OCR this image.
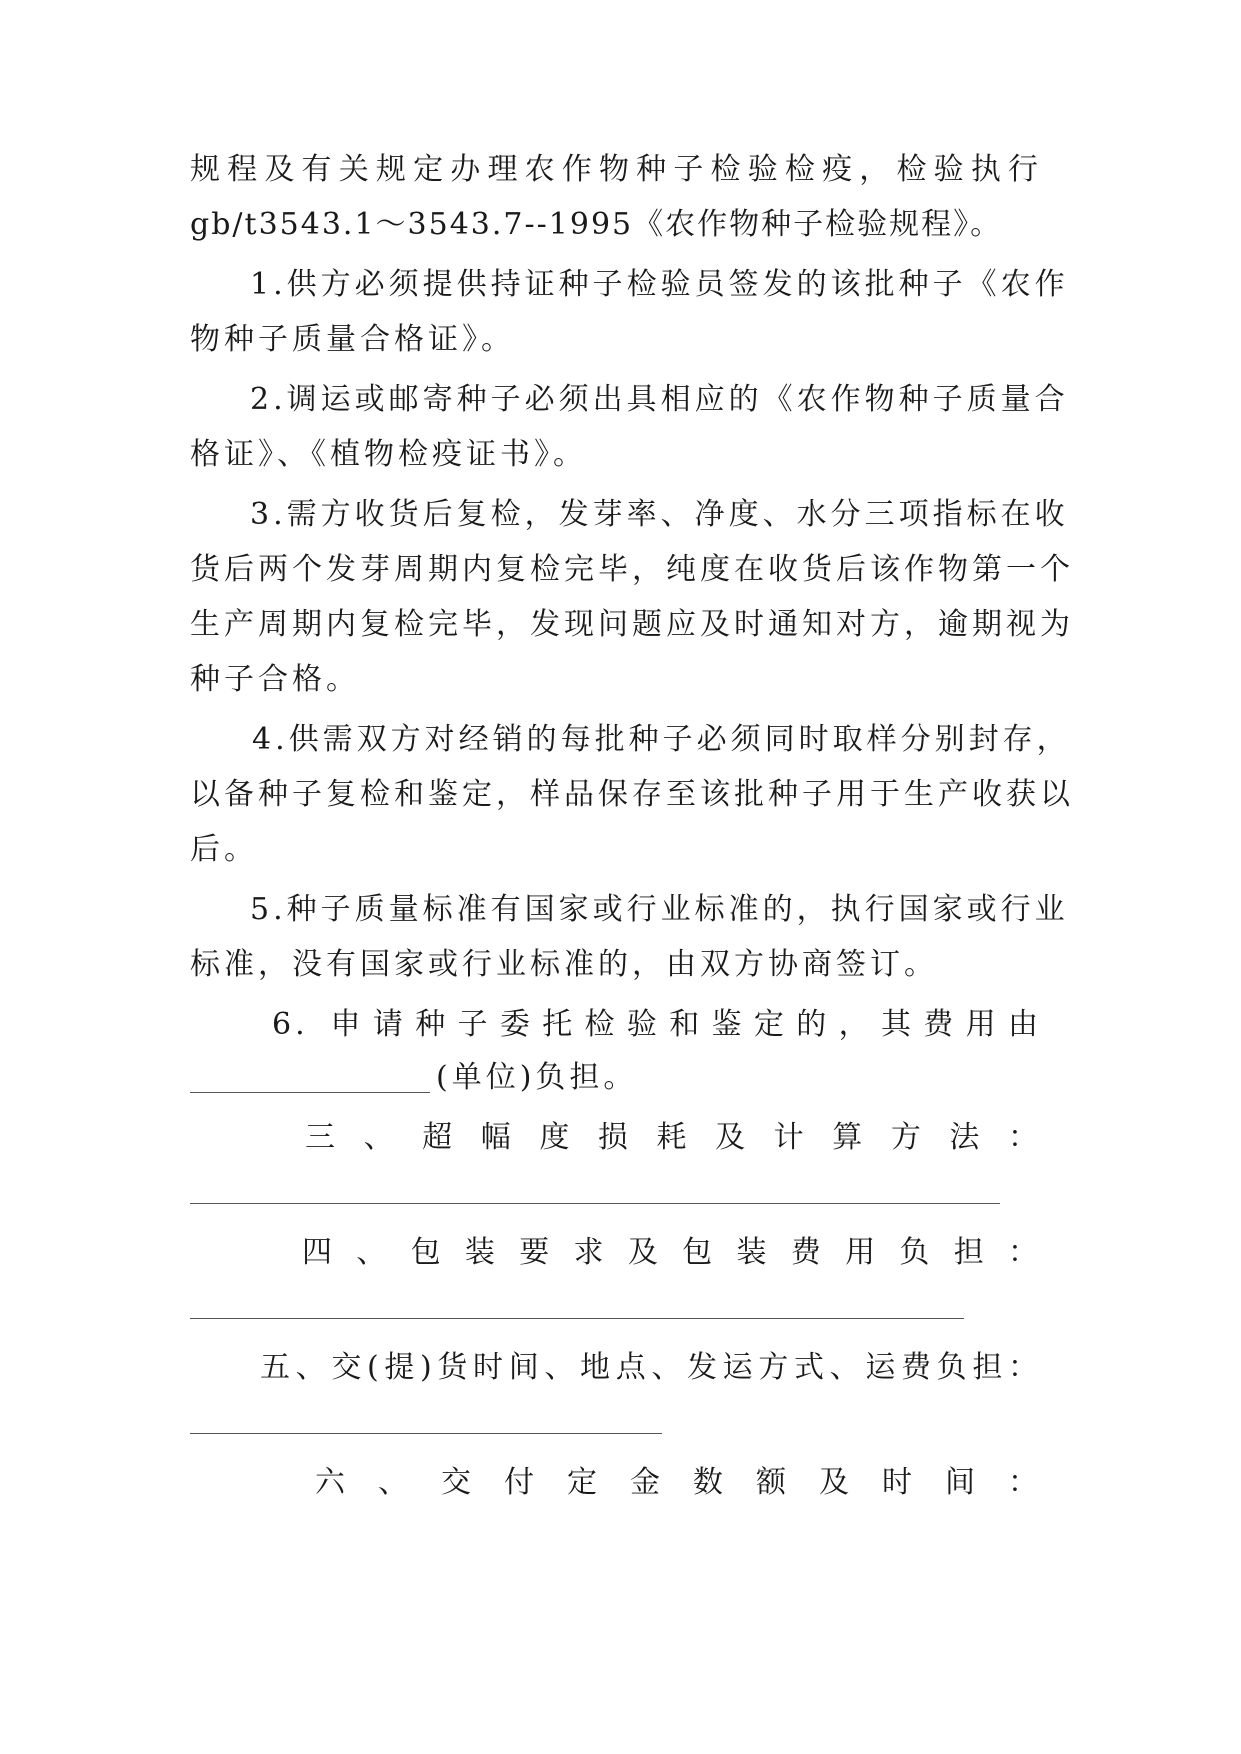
规程及有关规定办理农作物种子检验检疫，检验执行
gb/t3543.1～3543.7--1995《农作物种子检验规程》。
1.供方必须提供持证种子检验员签发的该批种子《农作
物种子质量合格证》。
2.调运或邮寄种子必须出具相应的《农作物种子质量合
格证》、《植物检疫证书》。
3.需方收货后复检，发芽率、净度、水分三项指标在收
货后两个发芽周期内复检完毕，纯度在收货后该作物第一个
生产周期内复检完毕，发现问题应及时通知对方，逾期视为
种子合格。
4.供需双方对经销的每批种子必须同时取样分别封存，
以备种子复检和鉴定，样品保存至该批种子用于生产收获以
后。
5.种子质量标准有国家或行业标准的，执行国家或行业
标准，没有国家或行业标准的，由双方协商签订。
6. 申请种子委托检验和鉴定的，其费用由
(单位)负担。
三、超幅度损耗及计算方法：
四、包装要求及包装费用负担：
五、交(提)货时间、地点、发运方式、运费负担：
六、交付定金数额及时间：
